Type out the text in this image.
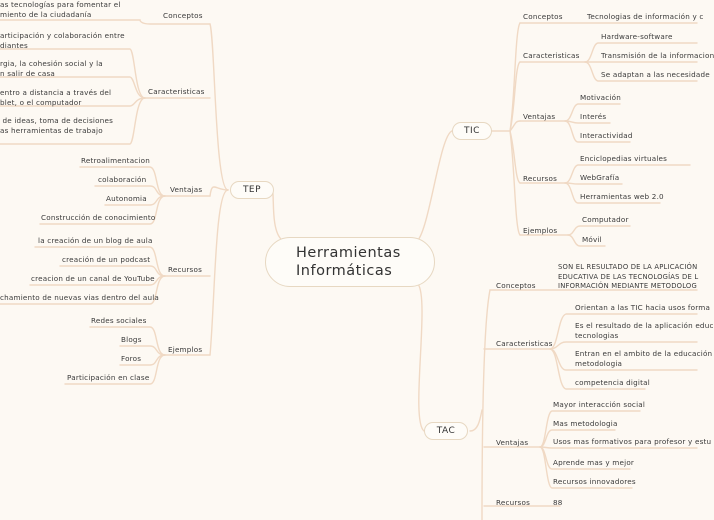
Herramientas
Informáticas
TEP
TIC
TAC
Conceptos
as tecnologías para fomentar el
miento de la ciudadanía
Caracteristicas
articipación y colaboración entre
diantes
rgia, la cohesión social y la
n salir de casa
entro a distancia a través del
blet, o el computador
de ideas, toma de decisiones
as herramientas de trabajo
Ventajas
Retroalimentacion
colaboración
Autonomia
Construcción de conocimiento
Recursos
la creación de un blog de aula
creación de un podcast
creacion de un canal de YouTube
chamiento de nuevas vias dentro del aula
Ejemplos
Redes sociales
Blogs
Foros
Participación en clase
Conceptos	Tecnologias de información y c
Caracteristicas
Hardware-software
Transmisión de la informacion
Se adaptan a las necesidade
Ventajas
Motivación
Interés
Interactividad
Recursos
Enciclopedias virtuales
WebGrafía
Herramientas web 2.0
Ejemplos
Computador
Móvil
Conceptos
SON EL RESULTADO DE LA APLICACIÓN
EDUCATIVA DE LAS TECNOLOGÍAS DE L
INFORMACIÓN MEDIANTE METODOLOG
Caracteristicas
Orientan a las TIC hacia usos forma
Es el resultado de la aplicación educ
tecnologias
Entran en el ambito de la educación
metodologia
competencia digital
Ventajas
Mayor interacción social
Mas metodologia
Usos mas formativos para profesor y estu
Aprende mas y mejor
Recursos innovadores
Recursos	88
